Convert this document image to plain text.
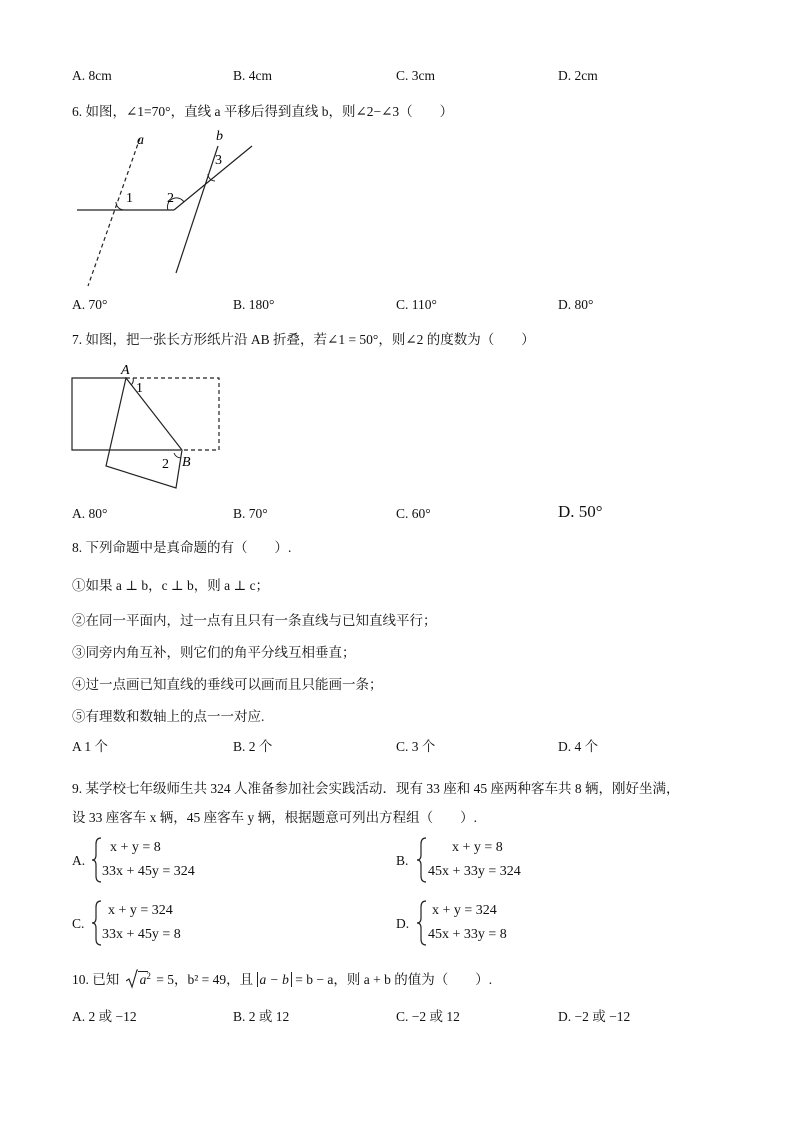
A. 8cm	B. 4cm	C. 3cm	D. 2cm
6. 如图，∠1=70°，直线 a 平移后得到直线 b，则∠2−∠3（　　）
a	b
1 2
3
A. 70°	B. 180°	C. 110°	D. 80°
7. 如图，把一张长方形纸片沿 AB 折叠，若∠1 = 50°，则∠2 的度数为（　　）
A
1
B
2
A. 80°	B. 70°	C. 60°	D. 50°
8. 下列命题中是真命题的有（　　）.
①如果 a ⊥ b，c ⊥ b，则 a ⊥ c；
②在同一平面内，过一点有且只有一条直线与已知直线平行；
③同旁内角互补，则它们的角平分线互相垂直；
④过一点画已知直线的垂线可以画而且只能画一条；
⑤有理数和数轴上的点一一对应.
A 1 个	B. 2 个	C. 3 个	D. 4 个
9. 某学校七年级师生共 324 人准备参加社会实践活动．现有 33 座和 45 座两种客车共 8 辆，刚好坐满，
设 33 座客车 x 辆，45 座客车 y 辆，根据题意可列出方程组（　　）.
A.
x + y = 8
33x + 45y = 324
B.
x + y = 8
45x + 33y = 324
C.
x + y = 324
33x + 45y = 8
D.
x + y = 324
45x + 33y = 8
10. 已知 $a^2 = 5$，b² = 49，且 a − b = b − a，则 a + b 的值为（　　）.
A. 2 或 −12	B. 2 或 12	C. −2 或 12	D. −2 或 −12
